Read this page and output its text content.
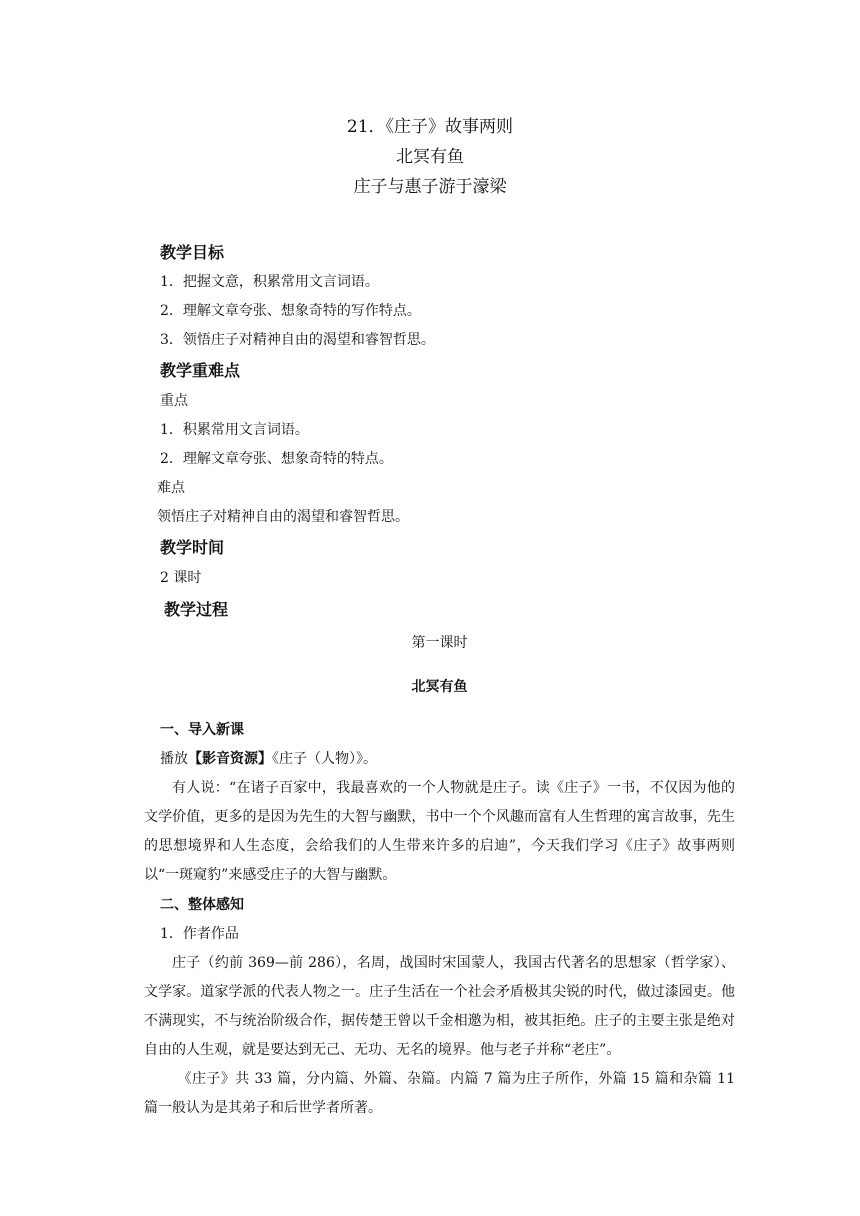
21．《庄子》故事两则

北冥有鱼

庄子与惠子游于濠梁

教学目标

1．把握文意，积累常用文言词语。

2．理解文章夸张、想象奇特的写作特点。

3．领悟庄子对精神自由的渴望和睿智哲思。

教学重难点

重点

1．积累常用文言词语。

2．理解文章夸张、想象奇特的特点。

难点

领悟庄子对精神自由的渴望和睿智哲思。

教学时间

2 课时

教学过程

第一课时

北冥有鱼

一、导入新课

播放【影音资源】《庄子（人物）》。

有人说：“在诸子百家中，我最喜欢的一个人物就是庄子。读《庄子》一书，不仅因为他的文学价值，更多的是因为先生的大智与幽默，书中一个个风趣而富有人生哲理的寓言故事，先生的思想境界和人生态度，会给我们的人生带来许多的启迪”，今天我们学习《庄子》故事两则以“一斑窥豹”来感受庄子的大智与幽默。

二、整体感知

1．作者作品

庄子（约前 369—前 286），名周，战国时宋国蒙人，我国古代著名的思想家（哲学家）、文学家。道家学派的代表人物之一。庄子生活在一个社会矛盾极其尖锐的时代，做过漆园吏。他不满现实，不与统治阶级合作，据传楚王曾以千金相邀为相，被其拒绝。庄子的主要主张是绝对自由的人生观，就是要达到无己、无功、无名的境界。他与老子并称“老庄”。

《庄子》共 33 篇，分内篇、外篇、杂篇。内篇 7 篇为庄子所作，外篇 15 篇和杂篇 11 篇一般认为是其弟子和后世学者所著。
